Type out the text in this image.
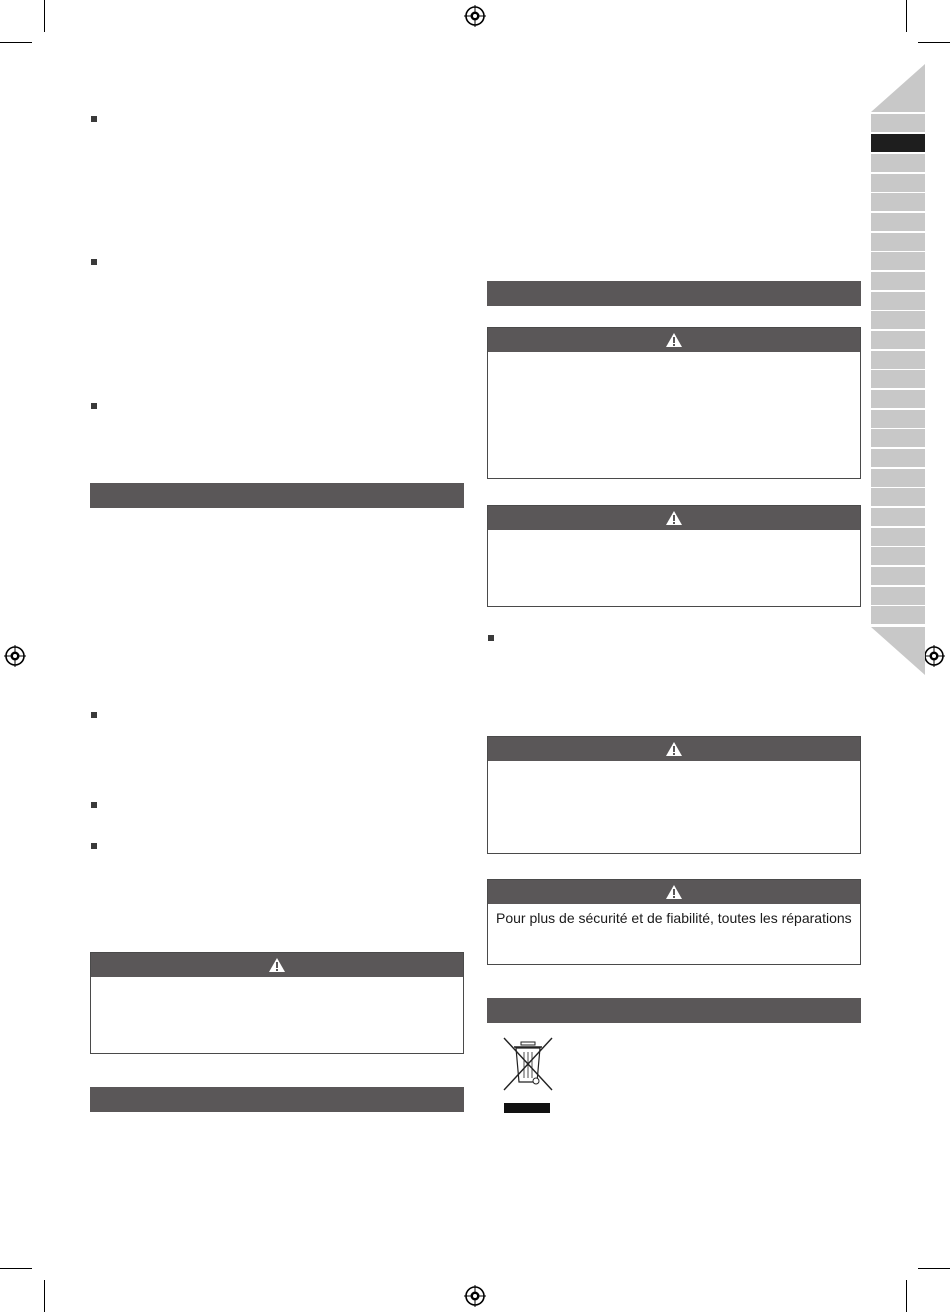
Pour plus de sécurité et de fiabilité, toutes les réparations
